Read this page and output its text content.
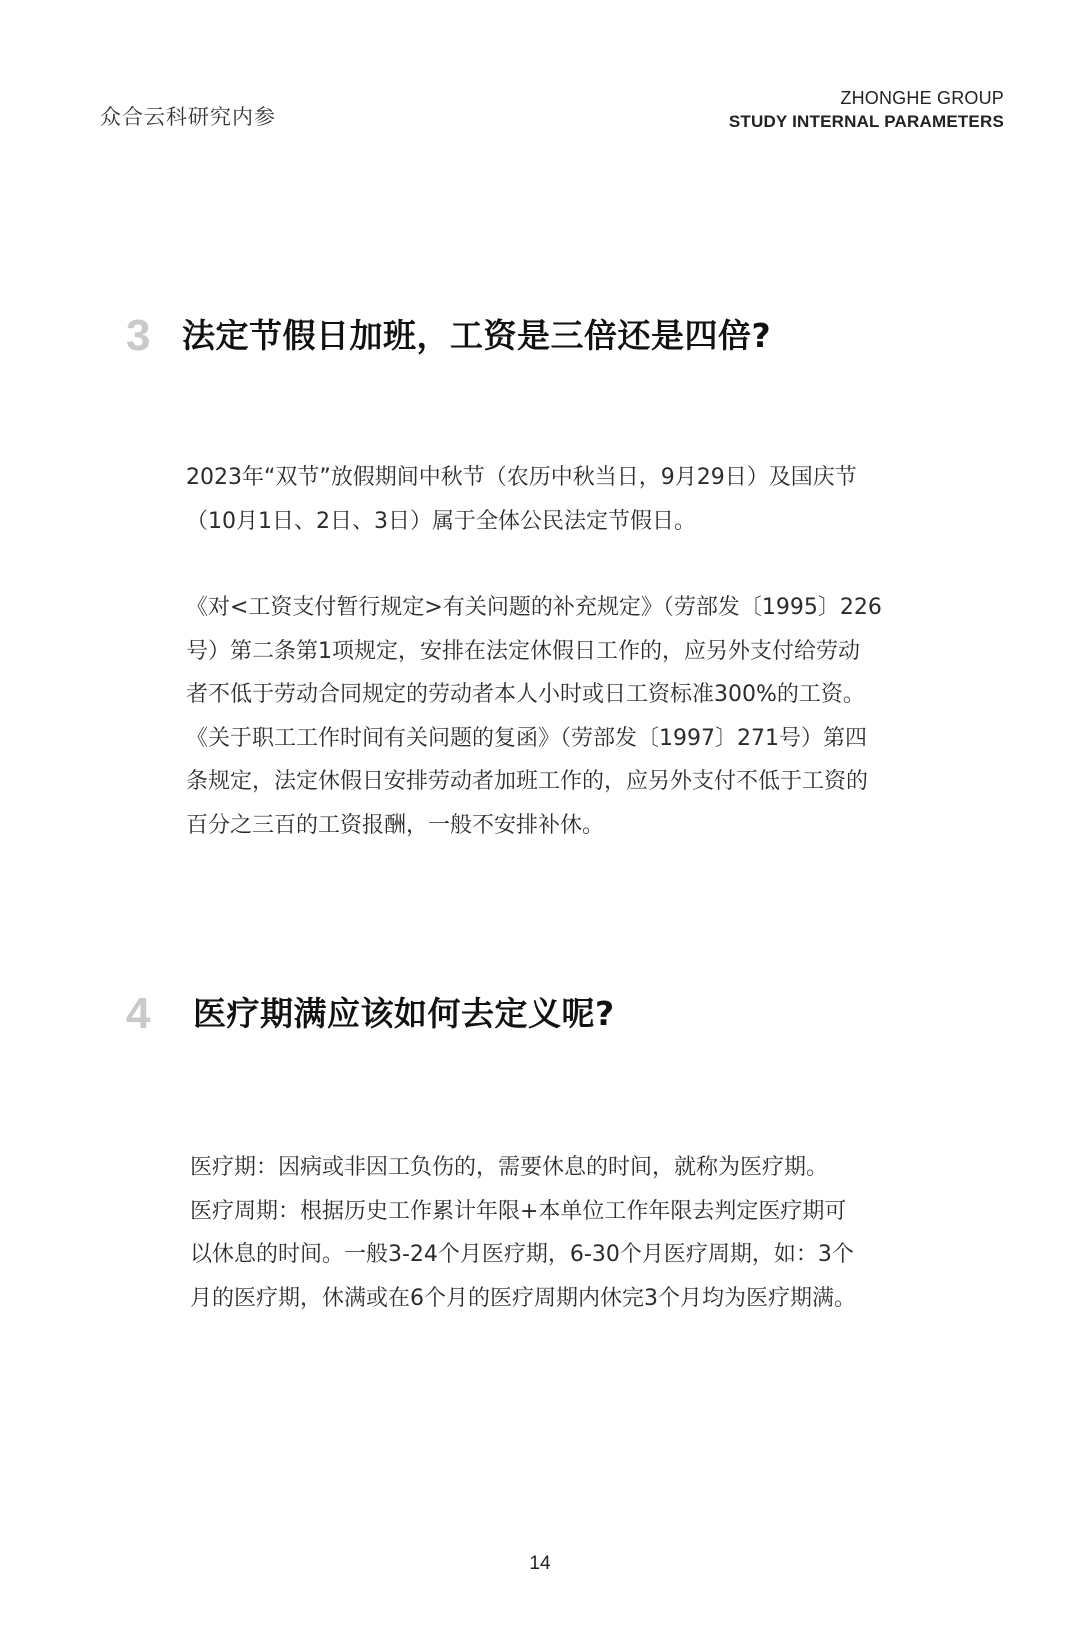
众合云科研究内参
ZHONGHE GROUP
STUDY INTERNAL PARAMETERS
3 法定节假日加班，工资是三倍还是四倍?

2023年“双节”放假期间中秋节（农历中秋当日，9月29日）及国庆节
（10月1日、2日、3日）属于全体公民法定节假日。

《对<工资支付暂行规定>有关问题的补充规定》（劳部发〔1995〕226
号）第二条第1项规定，安排在法定休假日工作的，应另外支付给劳动
者不低于劳动合同规定的劳动者本人小时或日工资标准300%的工资。
《关于职工工作时间有关问题的复函》（劳部发〔1997〕271号）第四
条规定，法定休假日安排劳动者加班工作的，应另外支付不低于工资的
百分之三百的工资报酬，一般不安排补休。

4	医疗期满应该如何去定义呢?

医疗期：因病或非因工负伤的，需要休息的时间，就称为医疗期。
医疗周期：根据历史工作累计年限+本单位工作年限去判定医疗期可
以休息的时间。一般3-24个月医疗期，6-30个月医疗周期，如：3个
月的医疗期，休满或在6个月的医疗周期内休完3个月均为医疗期满。

14
